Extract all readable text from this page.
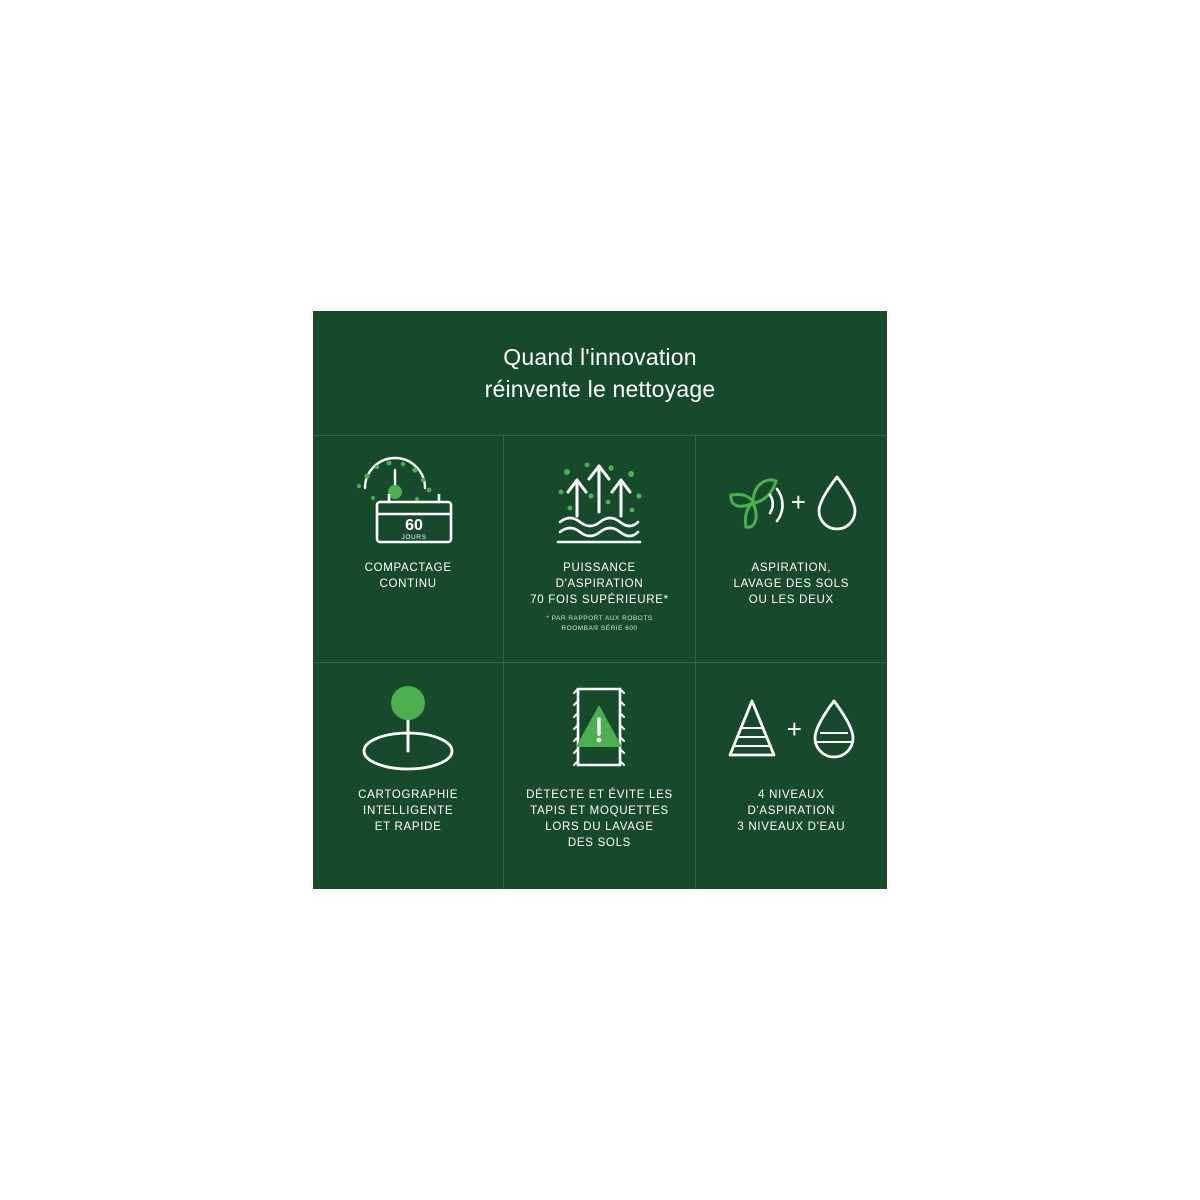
Quand l'innovation
réinvente le nettoyage
60
JOURS
COMPACTAGE
CONTINU
PUISSANCE
D'ASPIRATION
70 FOIS SUPÉRIEURE*
* PAR RAPPORT AUX ROBOTS
ROOMBA® SÉRIE 600
+
ASPIRATION,
LAVAGE DES SOLS
OU LES DEUX
CARTOGRAPHIE
INTELLIGENTE
ET RAPIDE
DÉTECTE ET ÉVITE LES
TAPIS ET MOQUETTES
LORS DU LAVAGE
DES SOLS
+
4 NIVEAUX
D'ASPIRATION
3 NIVEAUX D'EAU
